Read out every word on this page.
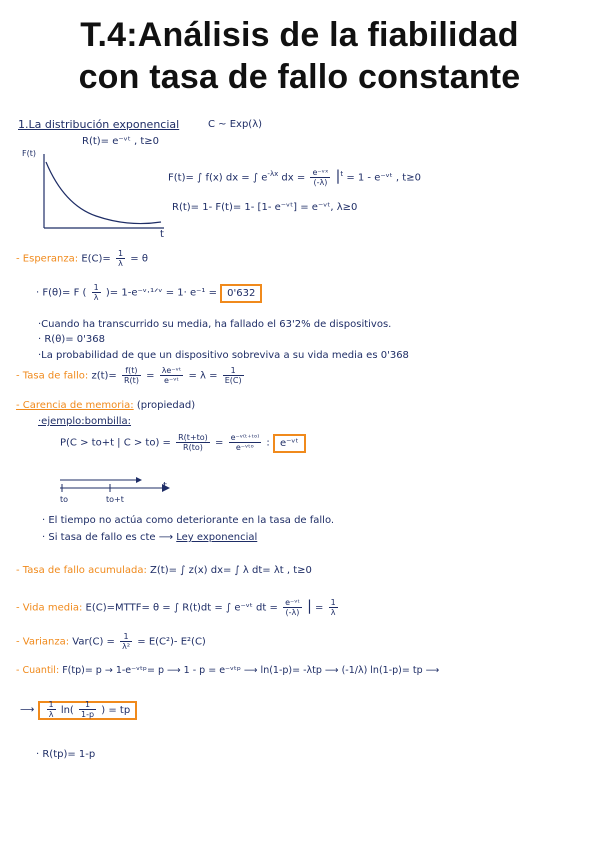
T.4:Análisis de la fiabilidad
con tasa de fallo constante
1.La distribución exponencial	C ~ Exp(λ)
R(t)= e⁻ᵛᵗ , t≥0
F(t)
t
F(t)= ∫ f(x) dx = ∫ $e^{-\lambda x}$ dx = $\frac{\text{e⁻ᵛˣ}}{(-\lambda)} |^t = 1$ - e⁻ᵛᵗ , t≥0
R(t)= 1- F(t)= 1- [1- e⁻ᵛᵗ] = e⁻ᵛᵗ, λ≥0
- Esperanza: $E(C)= \frac{1}{\lambda} = \theta$
· F(θ)= F ( $\frac{1}{\lambda}$ )= 1-e⁻ᵛ·¹ᐟᵛ = 1· e⁻¹ = 0'632
·Cuando ha transcurrido su media, ha fallado el 63'2% de dispositivos.
· R(θ)= 0'368
·La probabilidad de que un dispositivo sobreviva a su vida media es 0'368
- Tasa de fallo: $z(t)= \frac{f(t)}{R(t)} = \frac{\text{λe⁻ᵛᵗ}}{\text{e⁻ᵛᵗ}} = \lambda = \frac{1}{E(C)}$
- Carencia de memoria: (propiedad)
·ejemplo:bombilla:
P(C > to+t | $C > to) = \frac{R(t+to)}{R(to)} = \frac{\text{e⁻ᵛ⁽ᵗ⁺ᵗᵒ⁾}}{\text{e⁻ᵛᵗᵒ}}$ : e⁻ᵛᵗ
t
to	to+t
· El tiempo no actúa como deteriorante en la tasa de fallo.
· Si tasa de fallo es cte ⟶ Ley exponencial
- Tasa de fallo acumulada: Z(t)= ∫ z(x) dx= ∫ λ dt= λt , t≥0
- Vida media: E(C)=MTTF= θ = ∫ R(t)dt = ∫ e⁻ᵛᵗ dt = $\frac{\text{e⁻ᵛᵗ}}{(-\lambda)}$ | = $\frac{1}{\lambda}$
- Varianza: $Var(C) = \frac{1}{\text{λ²}} = E(C^2)-$ E²(C)
- Cuantil: F(tp)= p → 1-e⁻ᵛᵗᵖ= p ⟶ 1 - p = e⁻ᵛᵗᵖ ⟶ ln(1-p)= -λtp ⟶ (-1/λ) ln(1-p)= tp ⟶
⟶ $\frac{1}{\lambda} \ln( \frac{1}{1-p}$ ) = tp
· R(tp)= 1-p
